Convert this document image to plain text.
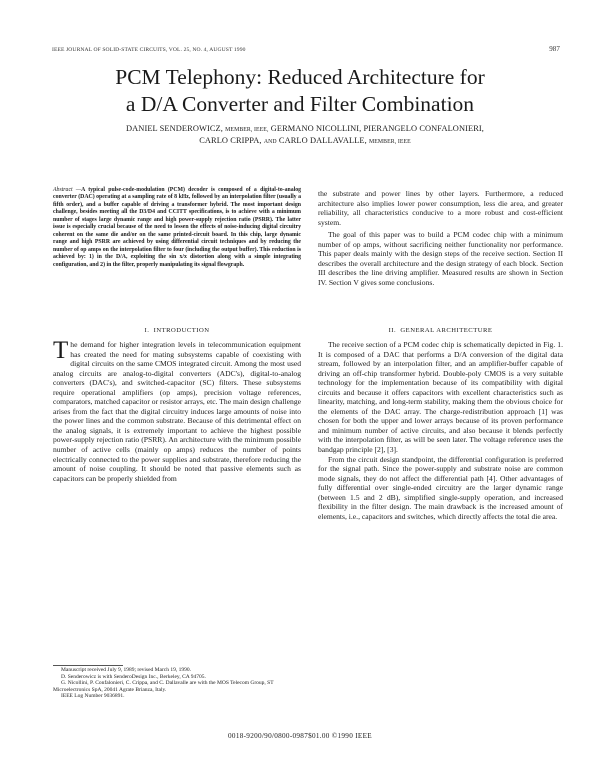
IEEE JOURNAL OF SOLID-STATE CIRCUITS, VOL. 25, NO. 4, AUGUST 1990	987
PCM Telephony: Reduced Architecture for
a D/A Converter and Filter Combination
DANIEL SENDEROWICZ, MEMBER, IEEE, GERMANO NICOLLINI, PIERANGELO CONFALONIERI,
CARLO CRIPPA, AND CARLO DALLAVALLE, MEMBER, IEEE
Abstract —A typical pulse-code-modulation (PCM) decoder is composed of a digital-to-analog converter (DAC) operating at a sampling rate of 8 kHz, followed by an interpolation filter (usually a fifth order), and a buffer capable of driving a transformer hybrid. The most important design challenge, besides meeting all the D3/D4 and CCITT specifications, is to achieve with a minimum number of stages large dynamic range and high power-supply rejection ratio (PSRR). The latter issue is especially crucial because of the need to lessen the effects of noise-inducing digital circuitry coherent on the same die and/or on the same printed-circuit board. In this chip, large dynamic range and high PSRR are achieved by using differential circuit techniques and by reducing the number of op amps on the interpolation filter to four (including the output buffer). This reduction is achieved by: 1) in the D/A, exploiting the sin x/x distortion along with a simple integrating configuration, and 2) in the filter, properly manipulating its signal flowgraph.

the substrate and power lines by other layers. Furthermore, a reduced architecture also implies lower power consumption, less die area, and greater reliability, all characteristics conducive to a more robust and cost-efficient system.

The goal of this paper was to build a PCM codec chip with a minimum number of op amps, without sacrificing neither functionality nor performance. This paper deals mainly with the design steps of the receive section. Section II describes the overall architecture and the design strategy of each block. Section III describes the line driving amplifier. Measured results are shown in Section IV. Section V gives some conclusions.

I. INTRODUCTION	II. GENERAL ARCHITECTURE
The demand for higher integration levels in telecommunication equipment has created the need for mating subsystems capable of coexisting with digital circuits on the same CMOS integrated circuit. Among the most used analog circuits are analog-to-digital converters (ADC's), digital-to-analog converters (DAC's), and switched-capacitor (SC) filters. These subsystems require operational amplifiers (op amps), precision voltage references, comparators, matched capacitor or resistor arrays, etc. The main design challenge arises from the fact that the digital circuitry induces large amounts of noise into the power lines and the common substrate. Because of this detrimental effect on the analog signals, it is extremely important to achieve the highest possible power-supply rejection ratio (PSRR). An architecture with the minimum possible number of active cells (mainly op amps) reduces the number of points electrically connected to the power supplies and substrate, therefore reducing the amount of noise coupling. It should be noted that passive elements such as capacitors can be properly shielded from

The receive section of a PCM codec chip is schematically depicted in Fig. 1. It is composed of a DAC that performs a D/A conversion of the digital data stream, followed by an interpolation filter, and an amplifier-buffer capable of driving an off-chip transformer hybrid. Double-poly CMOS is a very suitable technology for the implementation because of its compatibility with digital circuits and because it offers capacitors with excellent characteristics such as linearity, matching, and long-term stability, making them the obvious choice for the elements of the DAC array. The charge-redistribution approach [1] was chosen for both the upper and lower arrays because of its proven performance and minimum number of active circuits, and also because it blends perfectly with the interpolation filter, as will be seen later. The voltage reference uses the bandgap principle [2], [3].

From the circuit design standpoint, the differential configuration is preferred for the signal path. Since the power-supply and substrate noise are common mode signals, they do not affect the differential path [4]. Other advantages of fully differential over single-ended circuitry are the larger dynamic range (between 1.5 and 2 dB), simplified single-supply operation, and increased flexibility in the filter design. The main drawback is the increased amount of elements, i.e., capacitors and switches, which directly affects the total die area.

Manuscript received July 9, 1989; revised March 19, 1990.

D. Senderowicz is with SenderoDesign Inc., Berkeley, CA 94705.

G. Nicollini, P. Confalonieri, C. Crippa, and C. Dallavalle are with the MOS Telecom Group, ST Microelectronics SpA, 20041 Agrate Brianza, Italy.

IEEE Log Number 9036891.

0018-9200/90/0800-0987$01.00 ©1990 IEEE
